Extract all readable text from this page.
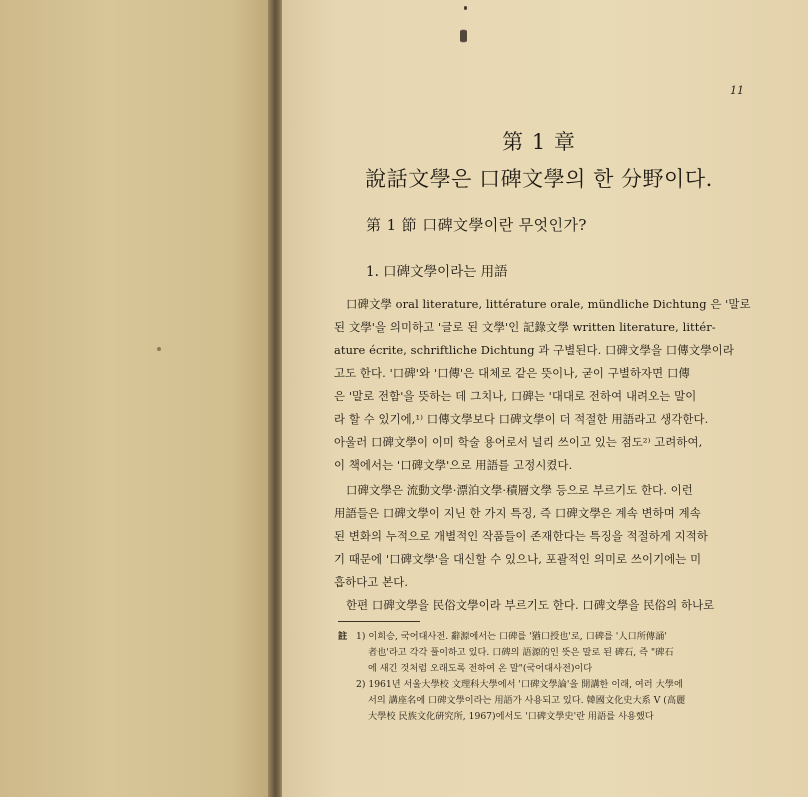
11
第 1 章
說話文學은 口碑文學의 한 分野이다.
第 1 節 口碑文學이란 무엇인가?
1. 口碑文學이라는 用語
口碑文學 oral literature, littérature orale, mündliche Dichtung 은 '말로
된 文學'을 의미하고 '글로 된 文學'인 記錄文學 written literature, littér-
ature écrite, schriftliche Dichtung 과 구별된다. 口碑文學을 口傳文學이라
고도 한다. '口碑'와 '口傳'은 대체로 같은 뜻이나, 굳이 구별하자면 口傳
은 '말로 전함'을 뜻하는 데 그치나, 口碑는 '대대로 전하여 내려오는 말이
라 할 수 있기에,¹⁾ 口傳文學보다 口碑文學이 더 적절한 用語라고 생각한다.
아울러 口碑文學이 이미 학술 용어로서 널리 쓰이고 있는 점도²⁾ 고려하여,
이 책에서는 '口碑文學'으로 用語를 고정시켰다.
口碑文學은 流動文學·漂泊文學·積層文學 등으로 부르기도 한다. 이런
用語들은 口碑文學이 지닌 한 가지 특징, 즉 口碑文學은 계속 변하며 계속
된 변화의 누적으로 개별적인 작품들이 존재한다는 특징을 적절하게 지적하
기 때문에 '口碑文學'을 대신할 수 있으나, 포괄적인 의미로 쓰이기에는 미
흡하다고 본다.
한편 口碑文學을 民俗文學이라 부르기도 한다. 口碑文學을 民俗의 하나로
註 1) 이희승, 국어대사전. 辭源에서는 口碑를 '猶口授也'로, 口碑를 '人口所傳誦'
者也'라고 각각 풀이하고 있다. 口碑의 語源的인 뜻은 말로 된 碑石, 즉 "碑石
에 새긴 것처럼 오래도록 전하여 온 말"(국어대사전)이다
2) 1961년 서울大學校 文理科大學에서 '口碑文學論'을 開講한 이래, 여러 大學에
서의 講座名에 口碑文學이라는 用語가 사용되고 있다. 韓國文化史大系 V (高麗
大學校 民族文化硏究所, 1967)에서도 '口碑文學史'란 用語를 사용했다
